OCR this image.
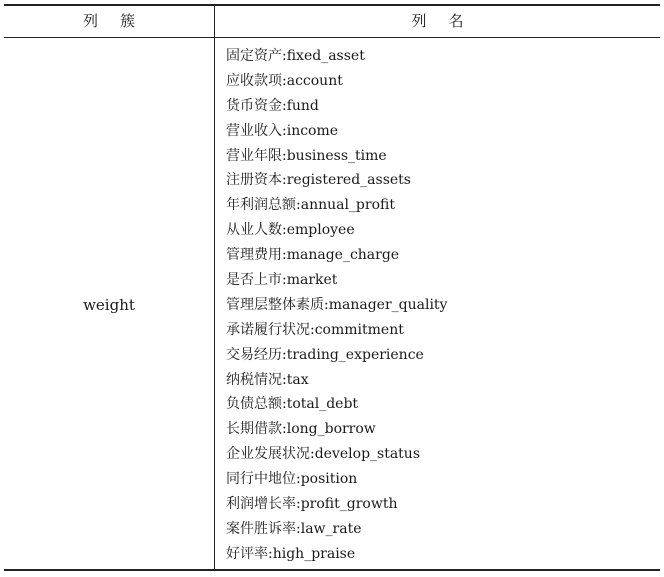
列簇	列名
weight
固定资产:fixed_asset
应收款项:account
货币资金:fund
营业收入:income
营业年限:business_time
注册资本:registered_assets
年利润总额:annual_profit
从业人数:employee
管理费用:manage_charge
是否上市:market
管理层整体素质:manager_quality
承诺履行状况:commitment
交易经历:trading_experience
纳税情况:tax
负债总额:total_debt
长期借款:long_borrow
企业发展状况:develop_status
同行中地位:position
利润增长率:profit_growth
案件胜诉率:law_rate
好评率:high_praise
